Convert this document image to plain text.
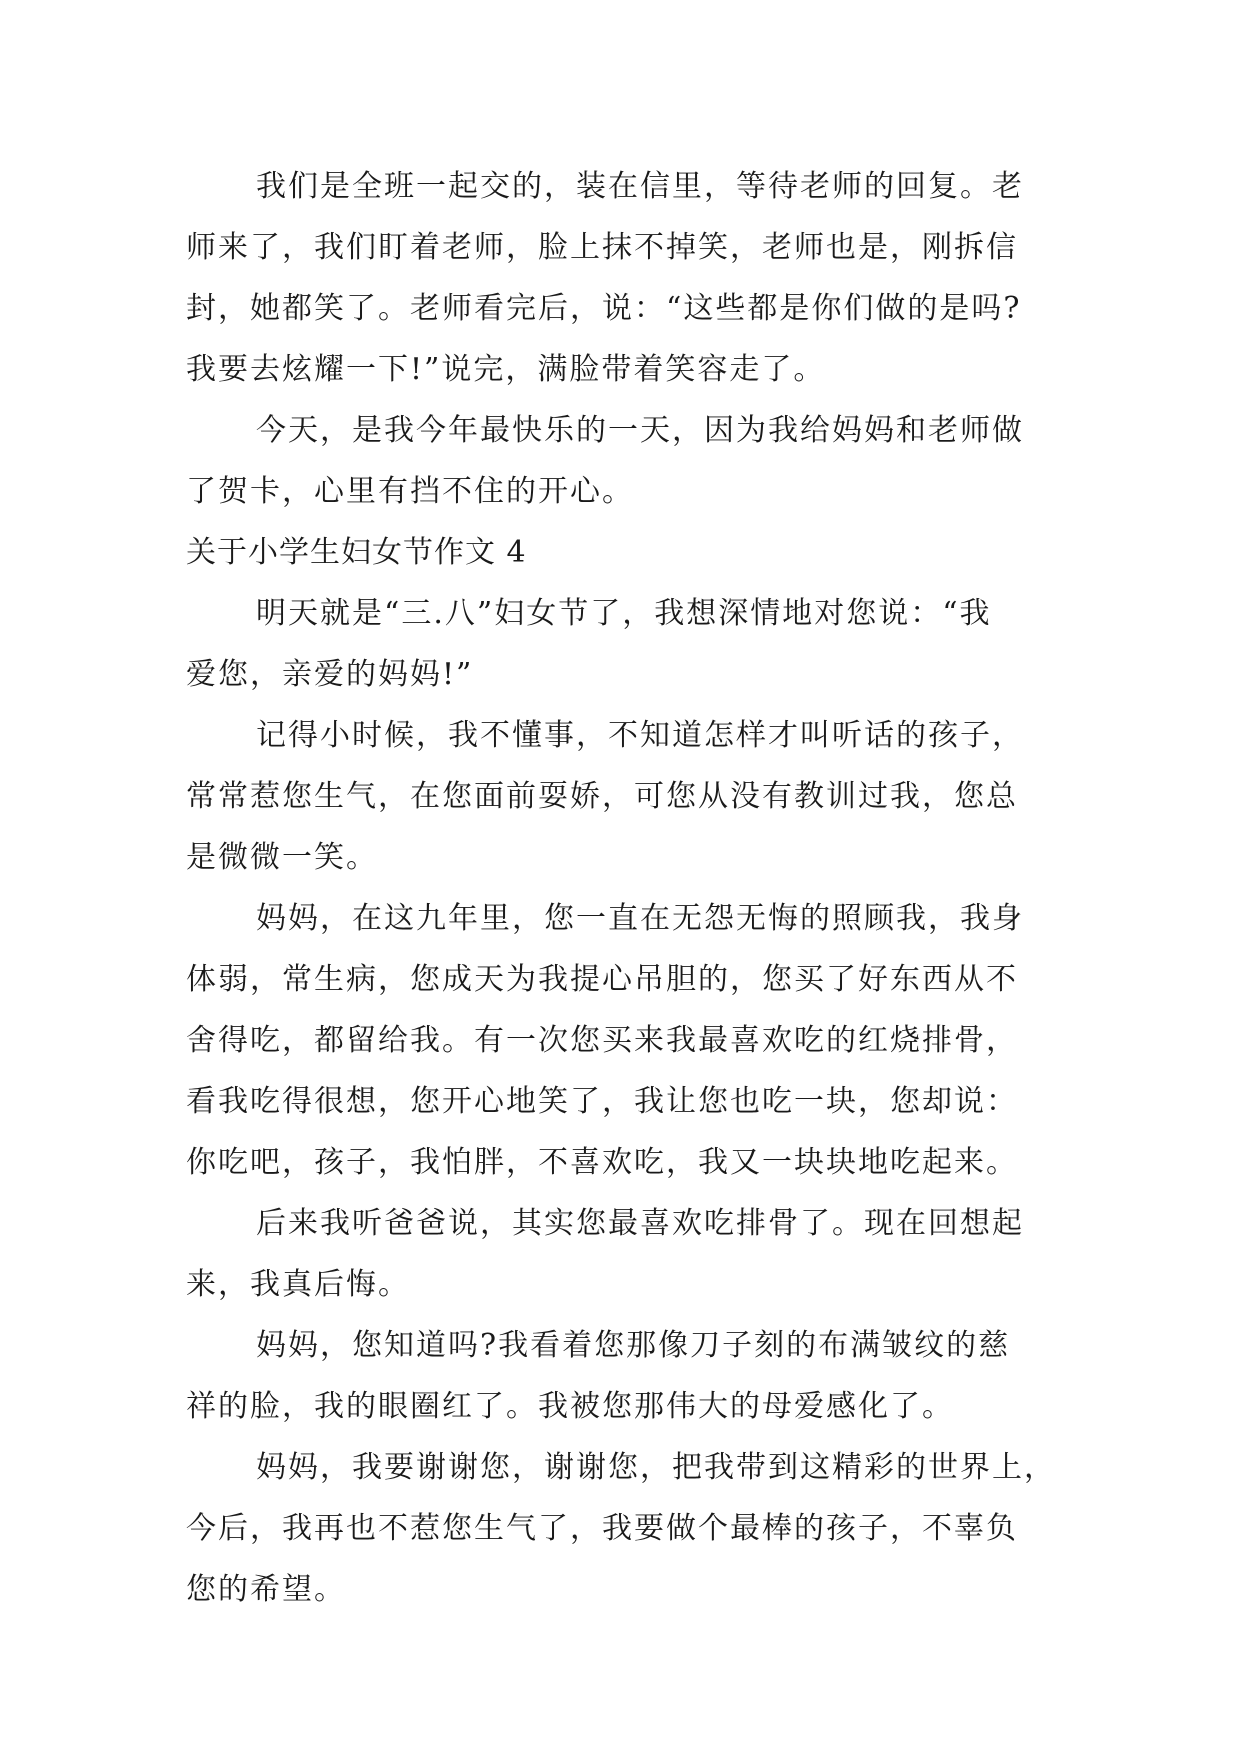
我们是全班一起交的，装在信里，等待老师的回复。老
师来了，我们盯着老师，脸上抹不掉笑，老师也是，刚拆信
封，她都笑了。老师看完后，说：“这些都是你们做的是吗?
我要去炫耀一下!”说完，满脸带着笑容走了。
今天，是我今年最快乐的一天，因为我给妈妈和老师做
了贺卡，心里有挡不住的开心。
关于小学生妇女节作文 4
明天就是“三.八”妇女节了，我想深情地对您说：“我
爱您，亲爱的妈妈!”
记得小时候，我不懂事，不知道怎样才叫听话的孩子，
常常惹您生气，在您面前耍娇，可您从没有教训过我，您总
是微微一笑。
妈妈，在这九年里，您一直在无怨无悔的照顾我，我身
体弱，常生病，您成天为我提心吊胆的，您买了好东西从不
舍得吃，都留给我。有一次您买来我最喜欢吃的红烧排骨，
看我吃得很想，您开心地笑了，我让您也吃一块，您却说：
你吃吧，孩子，我怕胖，不喜欢吃，我又一块块地吃起来。
后来我听爸爸说，其实您最喜欢吃排骨了。现在回想起
来，我真后悔。
妈妈，您知道吗?我看着您那像刀子刻的布满皱纹的慈
祥的脸，我的眼圈红了。我被您那伟大的母爱感化了。
妈妈，我要谢谢您，谢谢您，把我带到这精彩的世界上，
今后，我再也不惹您生气了，我要做个最棒的孩子，不辜负
您的希望。
